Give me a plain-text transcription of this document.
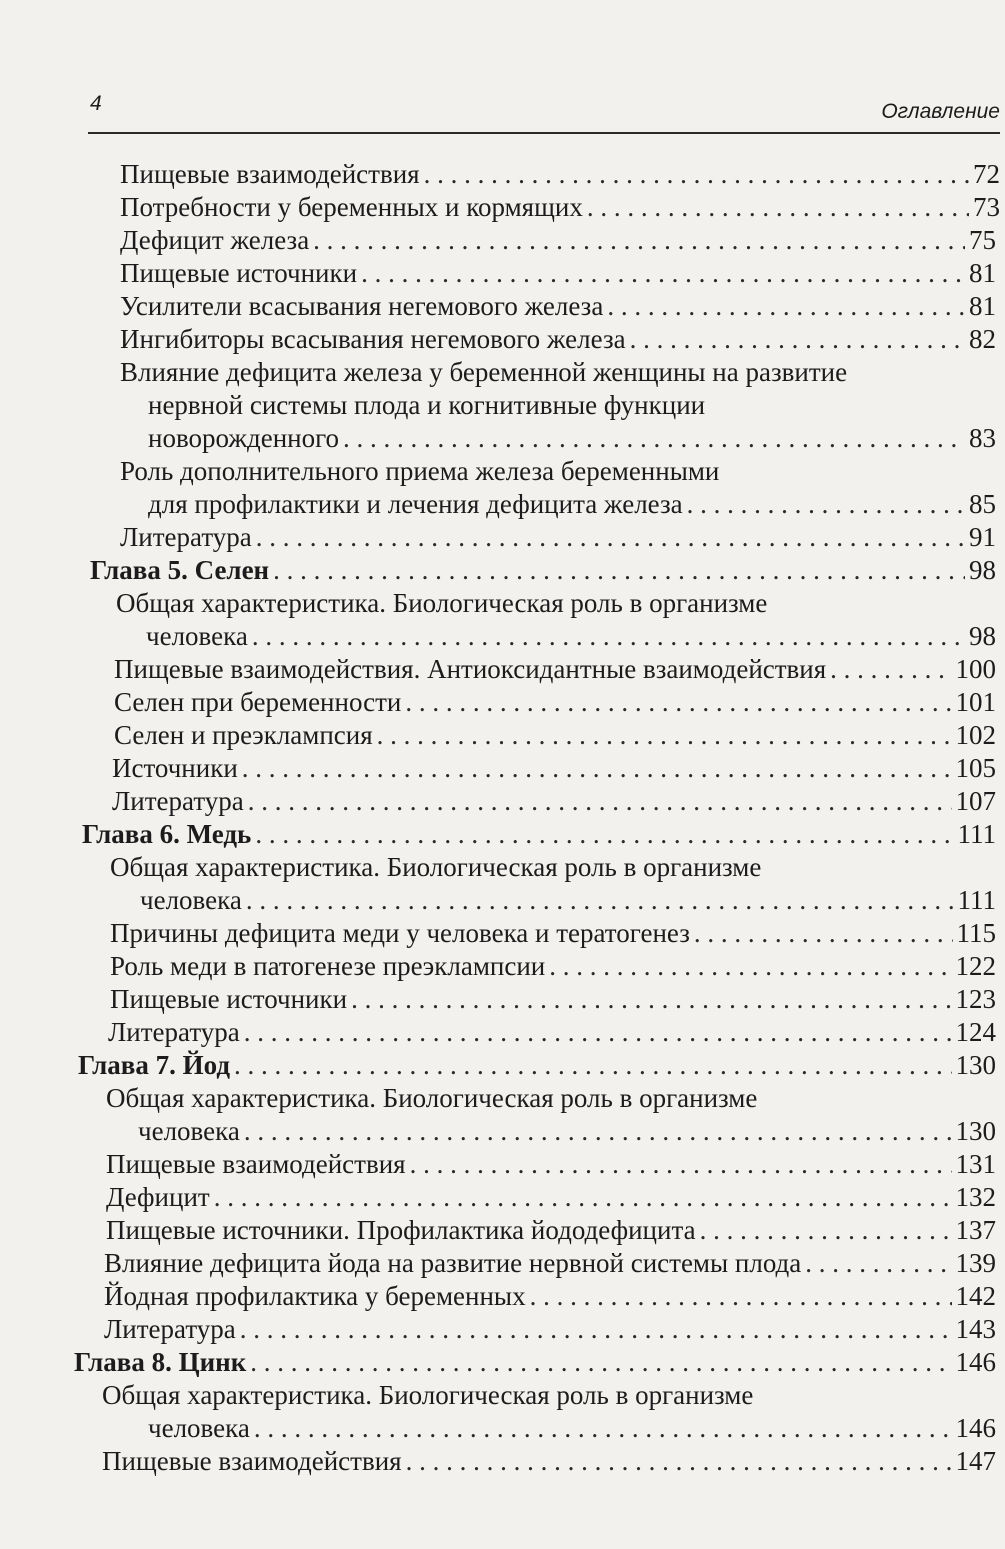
4	Оглавление
Пищевые взаимодействия . . .	72
Потребности у беременных и кормящих . . .	73
Дефицит железа . . .	75
Пищевые источники . . .	81
Усилители всасывания негемового железа . . .	81
Ингибиторы всасывания негемового железа . . .	82
Влияние дефицита железа у беременной женщины на развитие
нервной системы плода и когнитивные функции
новорожденного . . .	83
Роль дополнительного приема железа беременными
для профилактики и лечения дефицита железа . . .	85
Литература . . .	91
Глава 5. Селен . . .	98
Общая характеристика. Биологическая роль в организме
человека . . .	98
Пищевые взаимодействия. Антиоксидантные взаимодействия . . .	100
Селен при беременности . . .	101
Селен и преэклампсия . . .	102
Источники . . .	105
Литература . . .	107
Глава 6. Медь . . .	111
Общая характеристика. Биологическая роль в организме
человека . . .	111
Причины дефицита меди у человека и тератогенез . . .	115
Роль меди в патогенезе преэклампсии . . .	122
Пищевые источники . . .	123
Литература . . .	124
Глава 7. Йод . . .	130
Общая характеристика. Биологическая роль в организме
человека . . .	130
Пищевые взаимодействия . . .	131
Дефицит . . .	132
Пищевые источники. Профилактика йододефицита . . .	137
Влияние дефицита йода на развитие нервной системы плода . . .	139
Йодная профилактика у беременных . . .	142
Литература . . .	143
Глава 8. Цинк . . .	146
Общая характеристика. Биологическая роль в организме
человека . . .	146
Пищевые взаимодействия . . .	147
